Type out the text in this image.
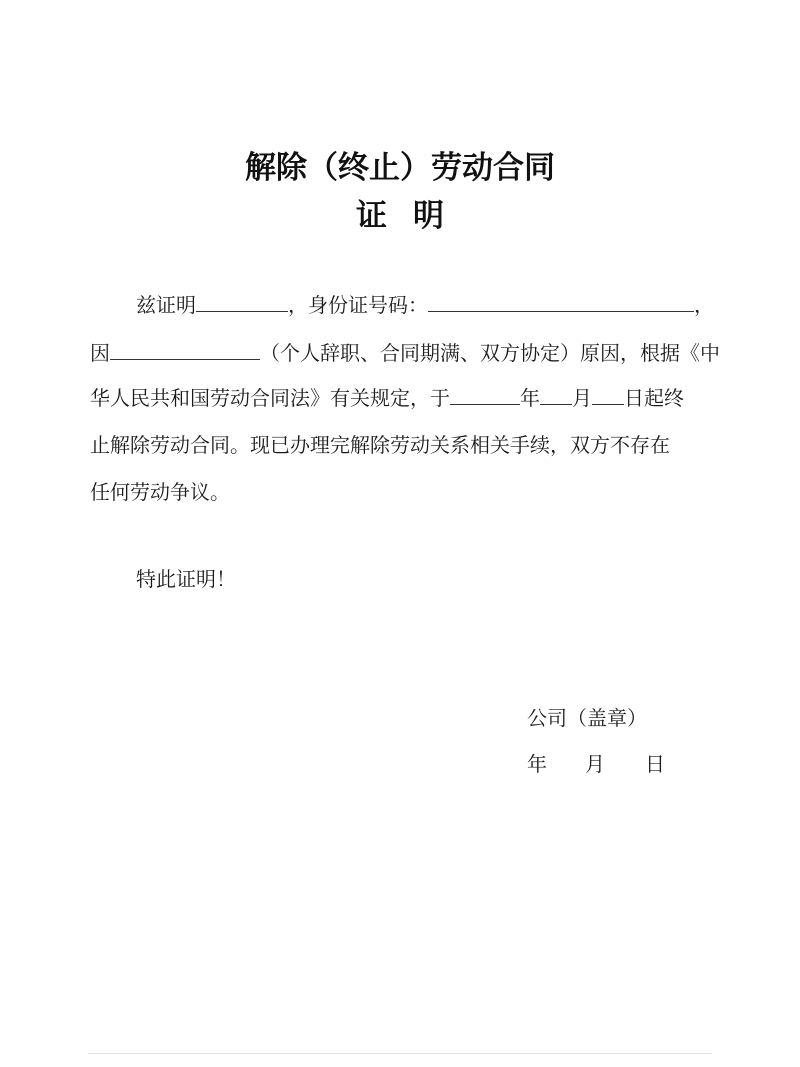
解除（终止）劳动合同
证明
兹证明	，身份证号码：	，
因	（个人辞职、合同期满、双方协定）原因，根据《中
华人民共和国劳动合同法》有关规定，于	年 月 日起终
止解除劳动合同。现已办理完解除劳动关系相关手续，双方不存在
任何劳动争议。
特此证明！
公司（盖章）
年 月 日
